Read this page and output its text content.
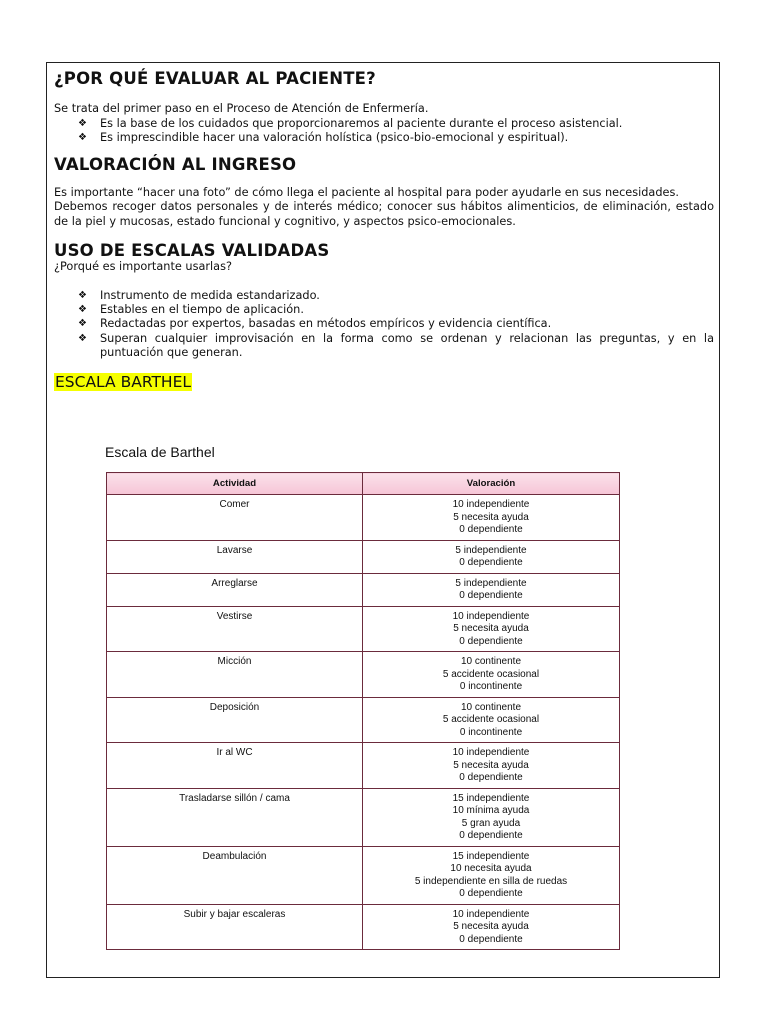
¿POR QUÉ EVALUAR AL PACIENTE?

Se trata del primer paso en el Proceso de Atención de Enfermería.

❖ Es la base de los cuidados que proporcionaremos al paciente durante el proceso asistencial.
❖ Es imprescindible hacer una valoración holística (psico-bio-emocional y espiritual).
VALORACIÓN AL INGRESO

Es importante “hacer una foto” de cómo llega el paciente al hospital para poder ayudarle en sus necesidades.

Debemos recoger datos personales y de interés médico; conocer sus hábitos alimenticios, de eliminación, estado de la piel y mucosas, estado funcional y cognitivo, y aspectos psico-emocionales.

USO DE ESCALAS VALIDADAS

¿Porqué es importante usarlas?

❖ Instrumento de medida estandarizado.
❖ Estables en el tiempo de aplicación.
❖ Redactadas por expertos, basadas en métodos empíricos y evidencia científica.
❖ Superan cualquier improvisación en la forma como se ordenan y relacionan las preguntas, y en la puntuación que generan.
ESCALA BARTHEL
Escala de Barthel
Actividad	Valoración
Comer	10 independiente
5 necesita ayuda
0 dependiente

Lavarse	5 independiente
0 dependiente

Arreglarse	5 independiente
0 dependiente

Vestirse	10 independiente
5 necesita ayuda
0 dependiente

Micción	10 continente
5 accidente ocasional
0 incontinente

Deposición	10 continente
5 accidente ocasional
0 incontinente

Ir al WC	10 independiente
5 necesita ayuda
0 dependiente

Trasladarse sillón / cama	15 independiente
10 mínima ayuda
5 gran ayuda
0 dependiente

Deambulación	15 independiente
10 necesita ayuda
5 independiente en silla de ruedas
0 dependiente

Subir y bajar escaleras	10 independiente
5 necesita ayuda
0 dependiente
